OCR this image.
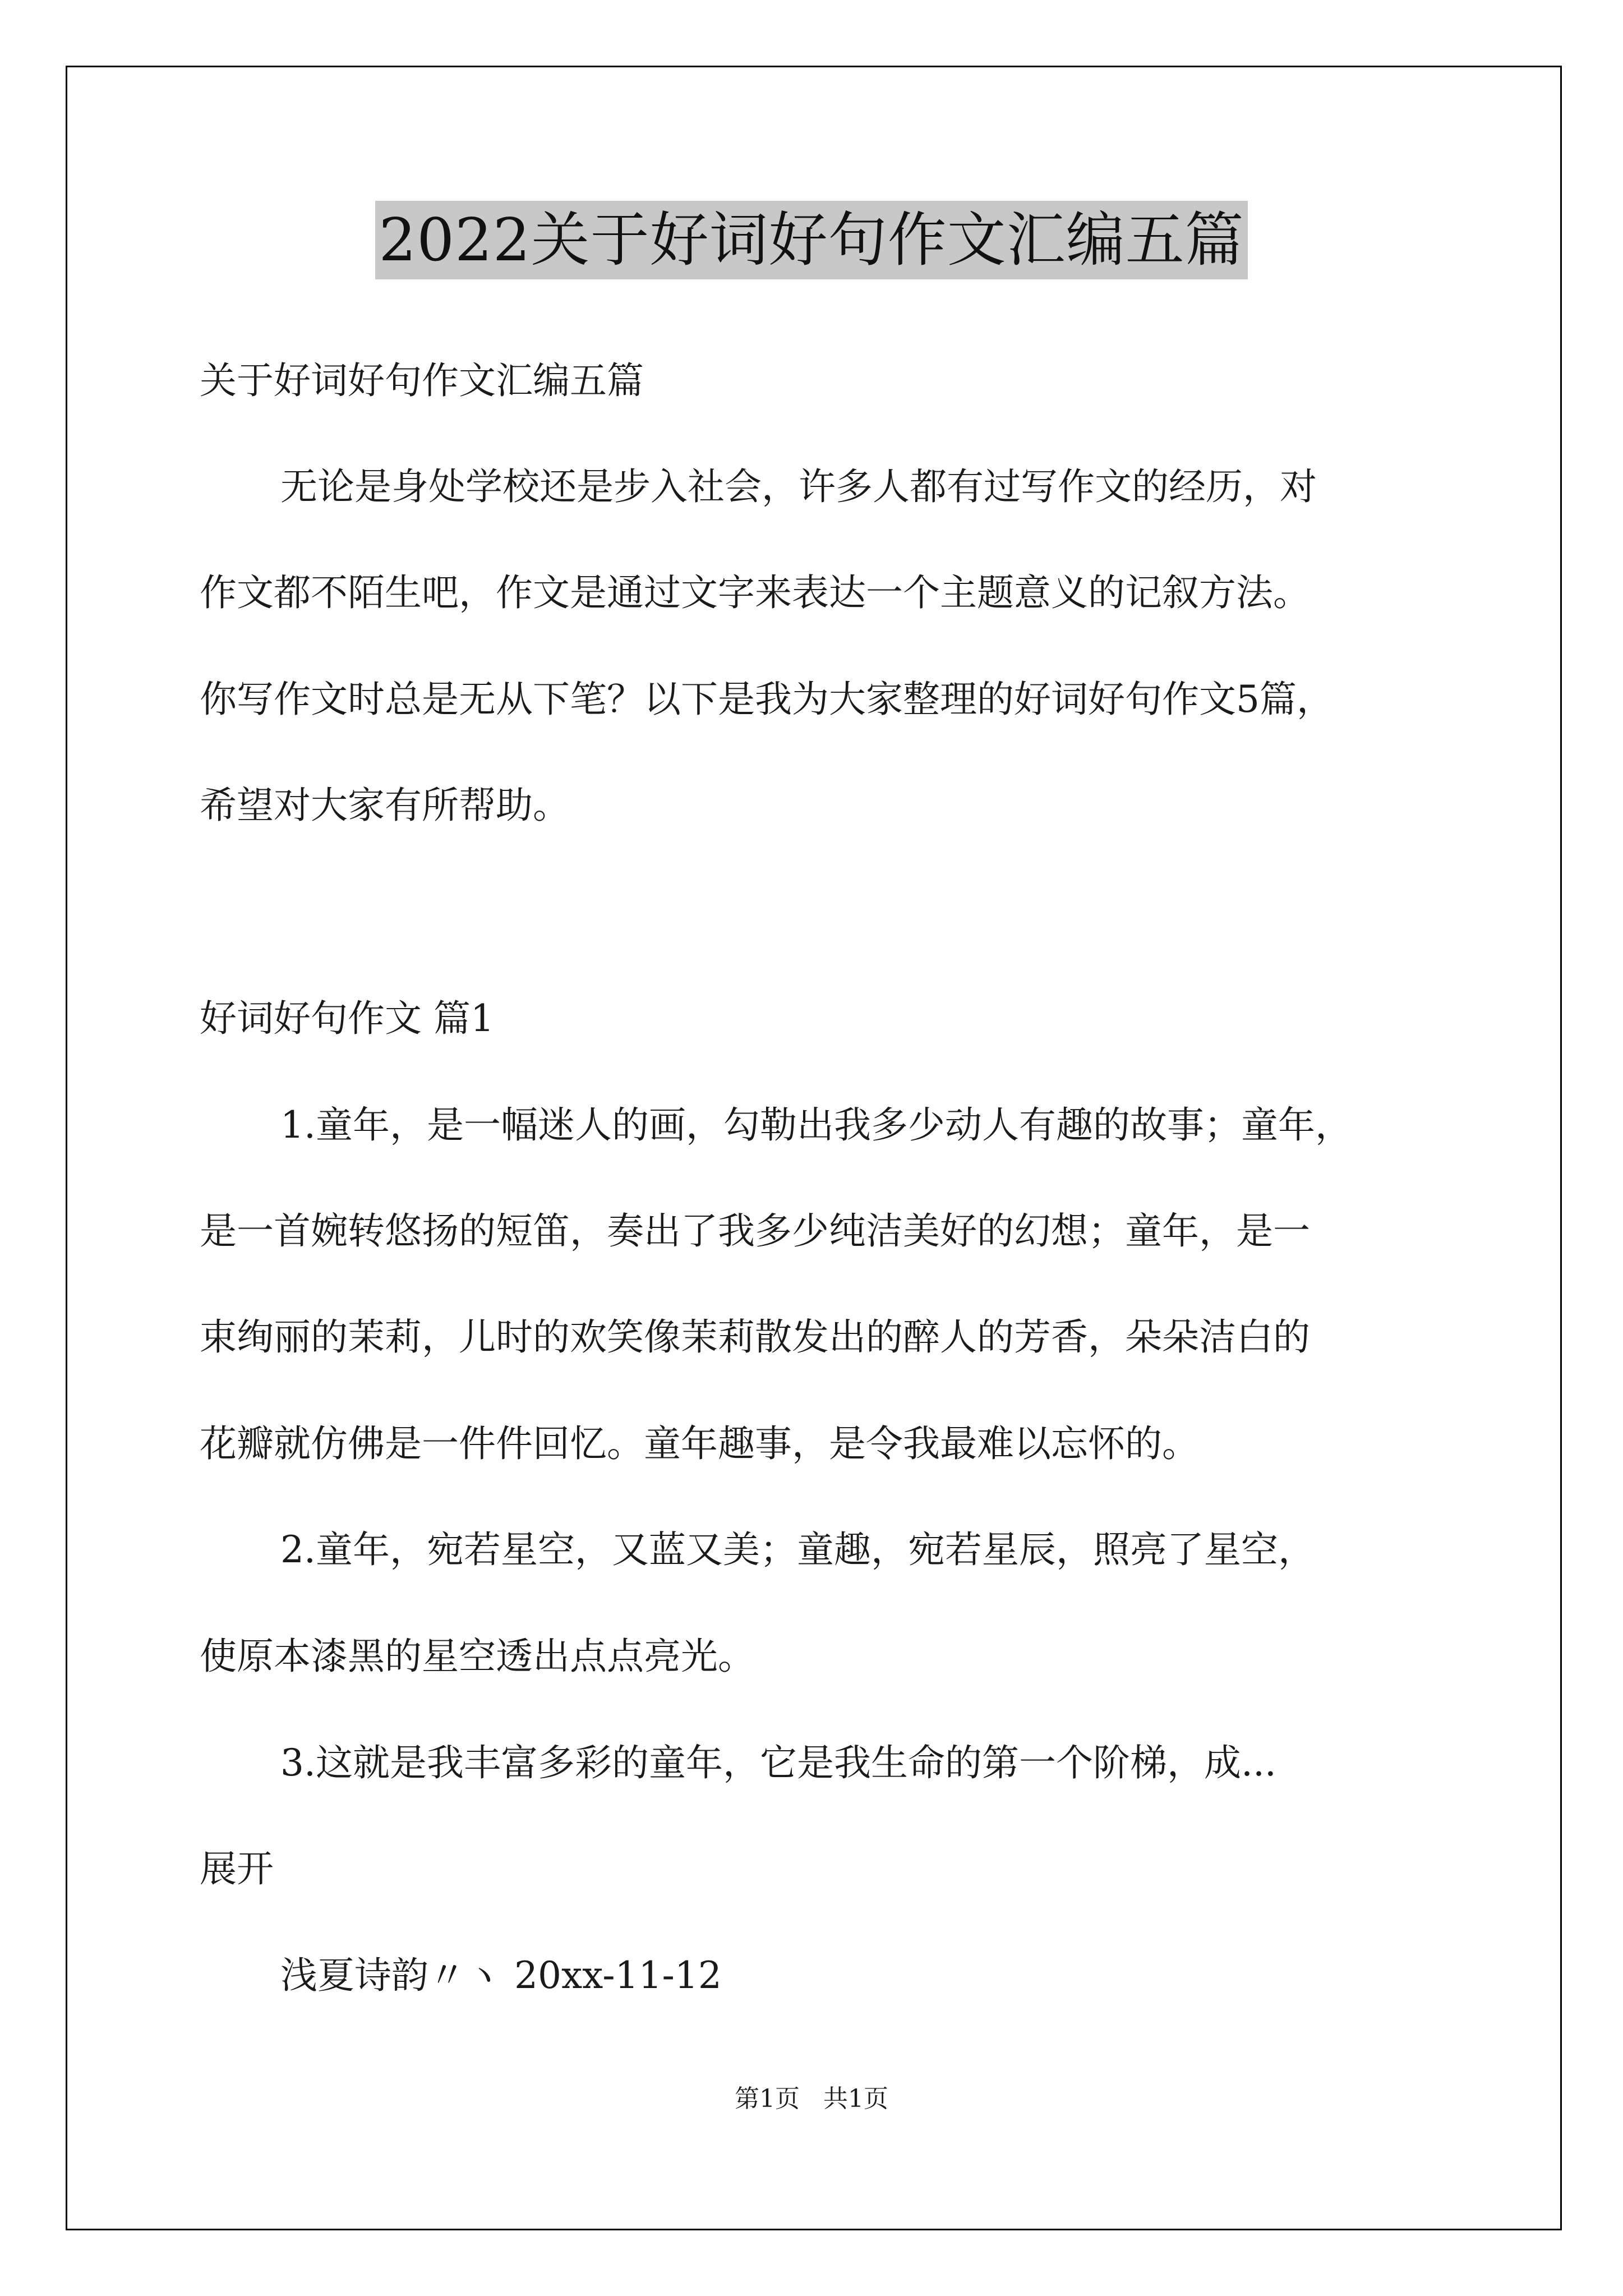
2022关于好词好句作文汇编五篇
关于好词好句作文汇编五篇
无论是身处学校还是步入社会，许多人都有过写作文的经历，对
作文都不陌生吧，作文是通过文字来表达一个主题意义的记叙方法。
你写作文时总是无从下笔？以下是我为大家整理的好词好句作文5篇，
希望对大家有所帮助。
好词好句作文 篇1
1.童年，是一幅迷人的画，勾勒出我多少动人有趣的故事；童年，
是一首婉转悠扬的短笛，奏出了我多少纯洁美好的幻想；童年，是一
束绚丽的茉莉，儿时的欢笑像茉莉散发出的醉人的芳香，朵朵洁白的
花瓣就仿佛是一件件回忆。童年趣事，是令我最难以忘怀的。
2.童年，宛若星空，又蓝又美；童趣，宛若星辰，照亮了星空，
使原本漆黑的星空透出点点亮光。
3.这就是我丰富多彩的童年，它是我生命的第一个阶梯，成...
展开
浅夏诗韵〃ヽ 20xx-11-12
第1页 共1页
